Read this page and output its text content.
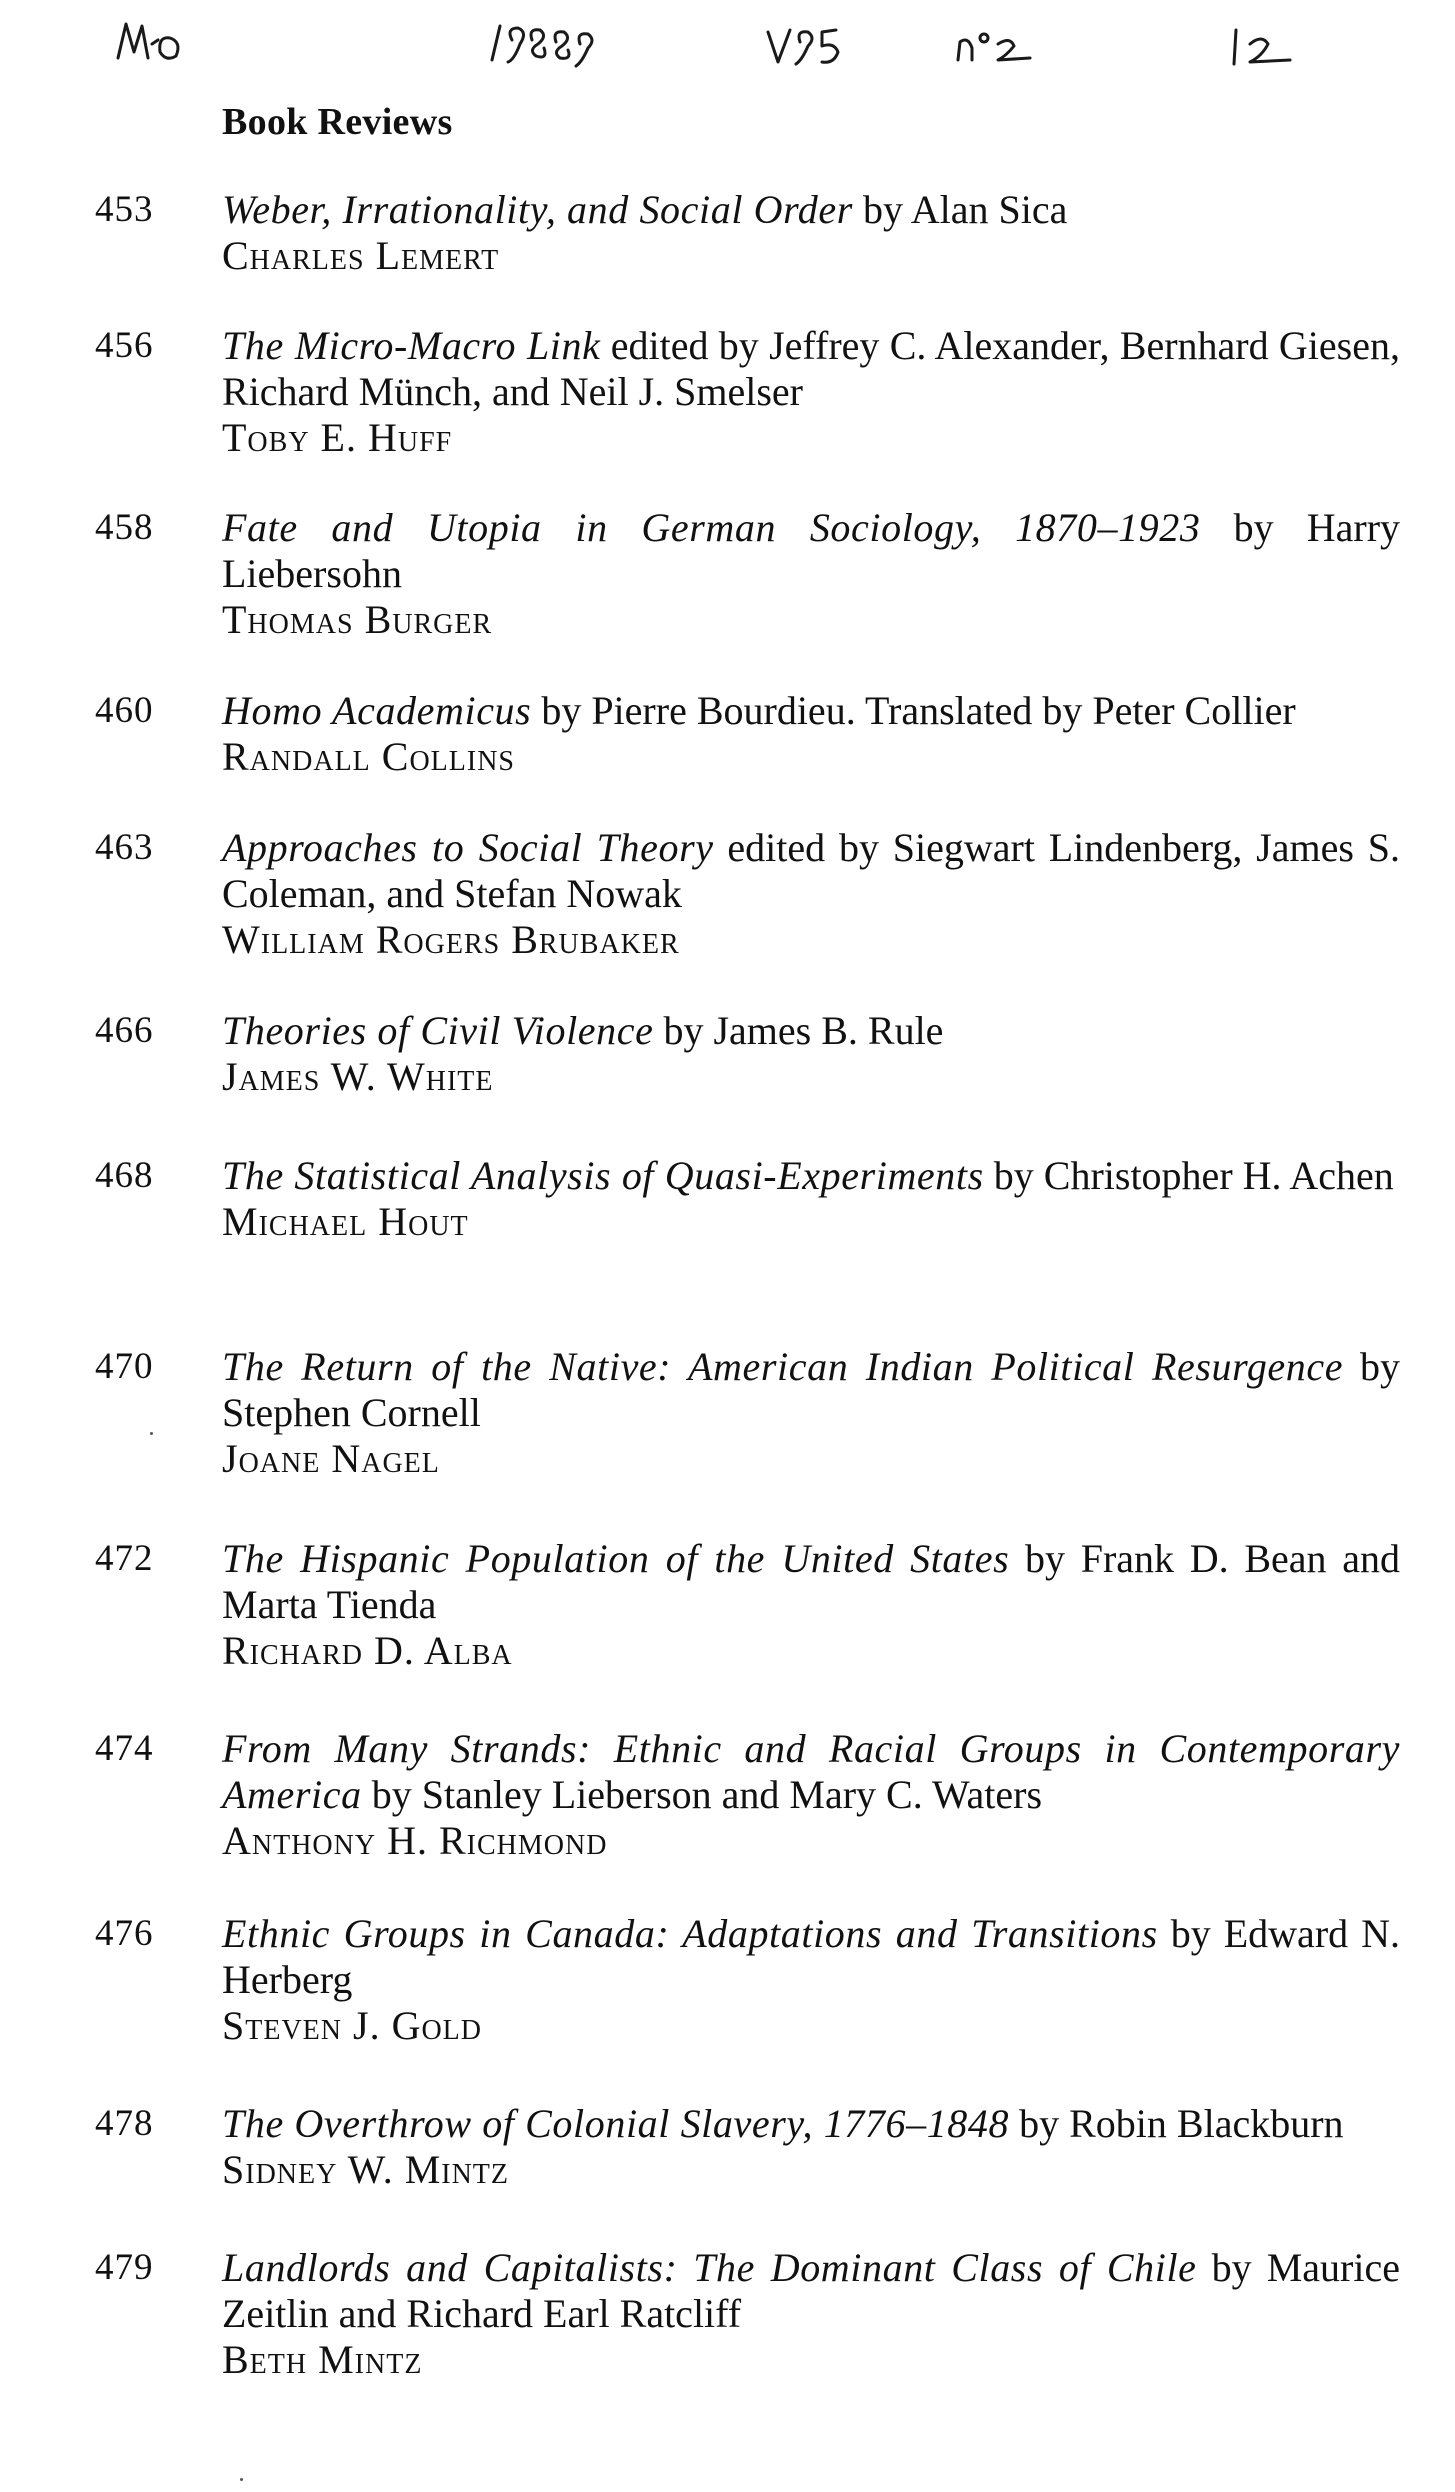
Book Reviews
453 Weber, Irrationality, and Social Order by Alan Sica
Charles Lemert
456 The Micro-Macro Link edited by Jeffrey C. Alexander, Bernhard Giesen, Richard Münch, and Neil J. Smelser
Toby E. Huff
458 Fate and Utopia in German Sociology, 1870–1923 by Harry Liebersohn
Thomas Burger
460 Homo Academicus by Pierre Bourdieu. Translated by Peter Collier
Randall Collins
463 Approaches to Social Theory edited by Siegwart Lindenberg, James S. Coleman, and Stefan Nowak
William Rogers Brubaker
466 Theories of Civil Violence by James B. Rule
James W. White
468 The Statistical Analysis of Quasi-Experiments by Christopher H. Achen
Michael Hout
470 The Return of the Native: American Indian Political Resurgence by Stephen Cornell
Joane Nagel
472 The Hispanic Population of the United States by Frank D. Bean and Marta Tienda
Richard D. Alba
474 From Many Strands: Ethnic and Racial Groups in Contemporary America by Stanley Lieberson and Mary C. Waters
Anthony H. Richmond
476 Ethnic Groups in Canada: Adaptations and Transitions by Edward N. Herberg
Steven J. Gold
478 The Overthrow of Colonial Slavery, 1776–1848 by Robin Blackburn
Sidney W. Mintz
479 Landlords and Capitalists: The Dominant Class of Chile by Maurice Zeitlin and Richard Earl Ratcliff
Beth Mintz
